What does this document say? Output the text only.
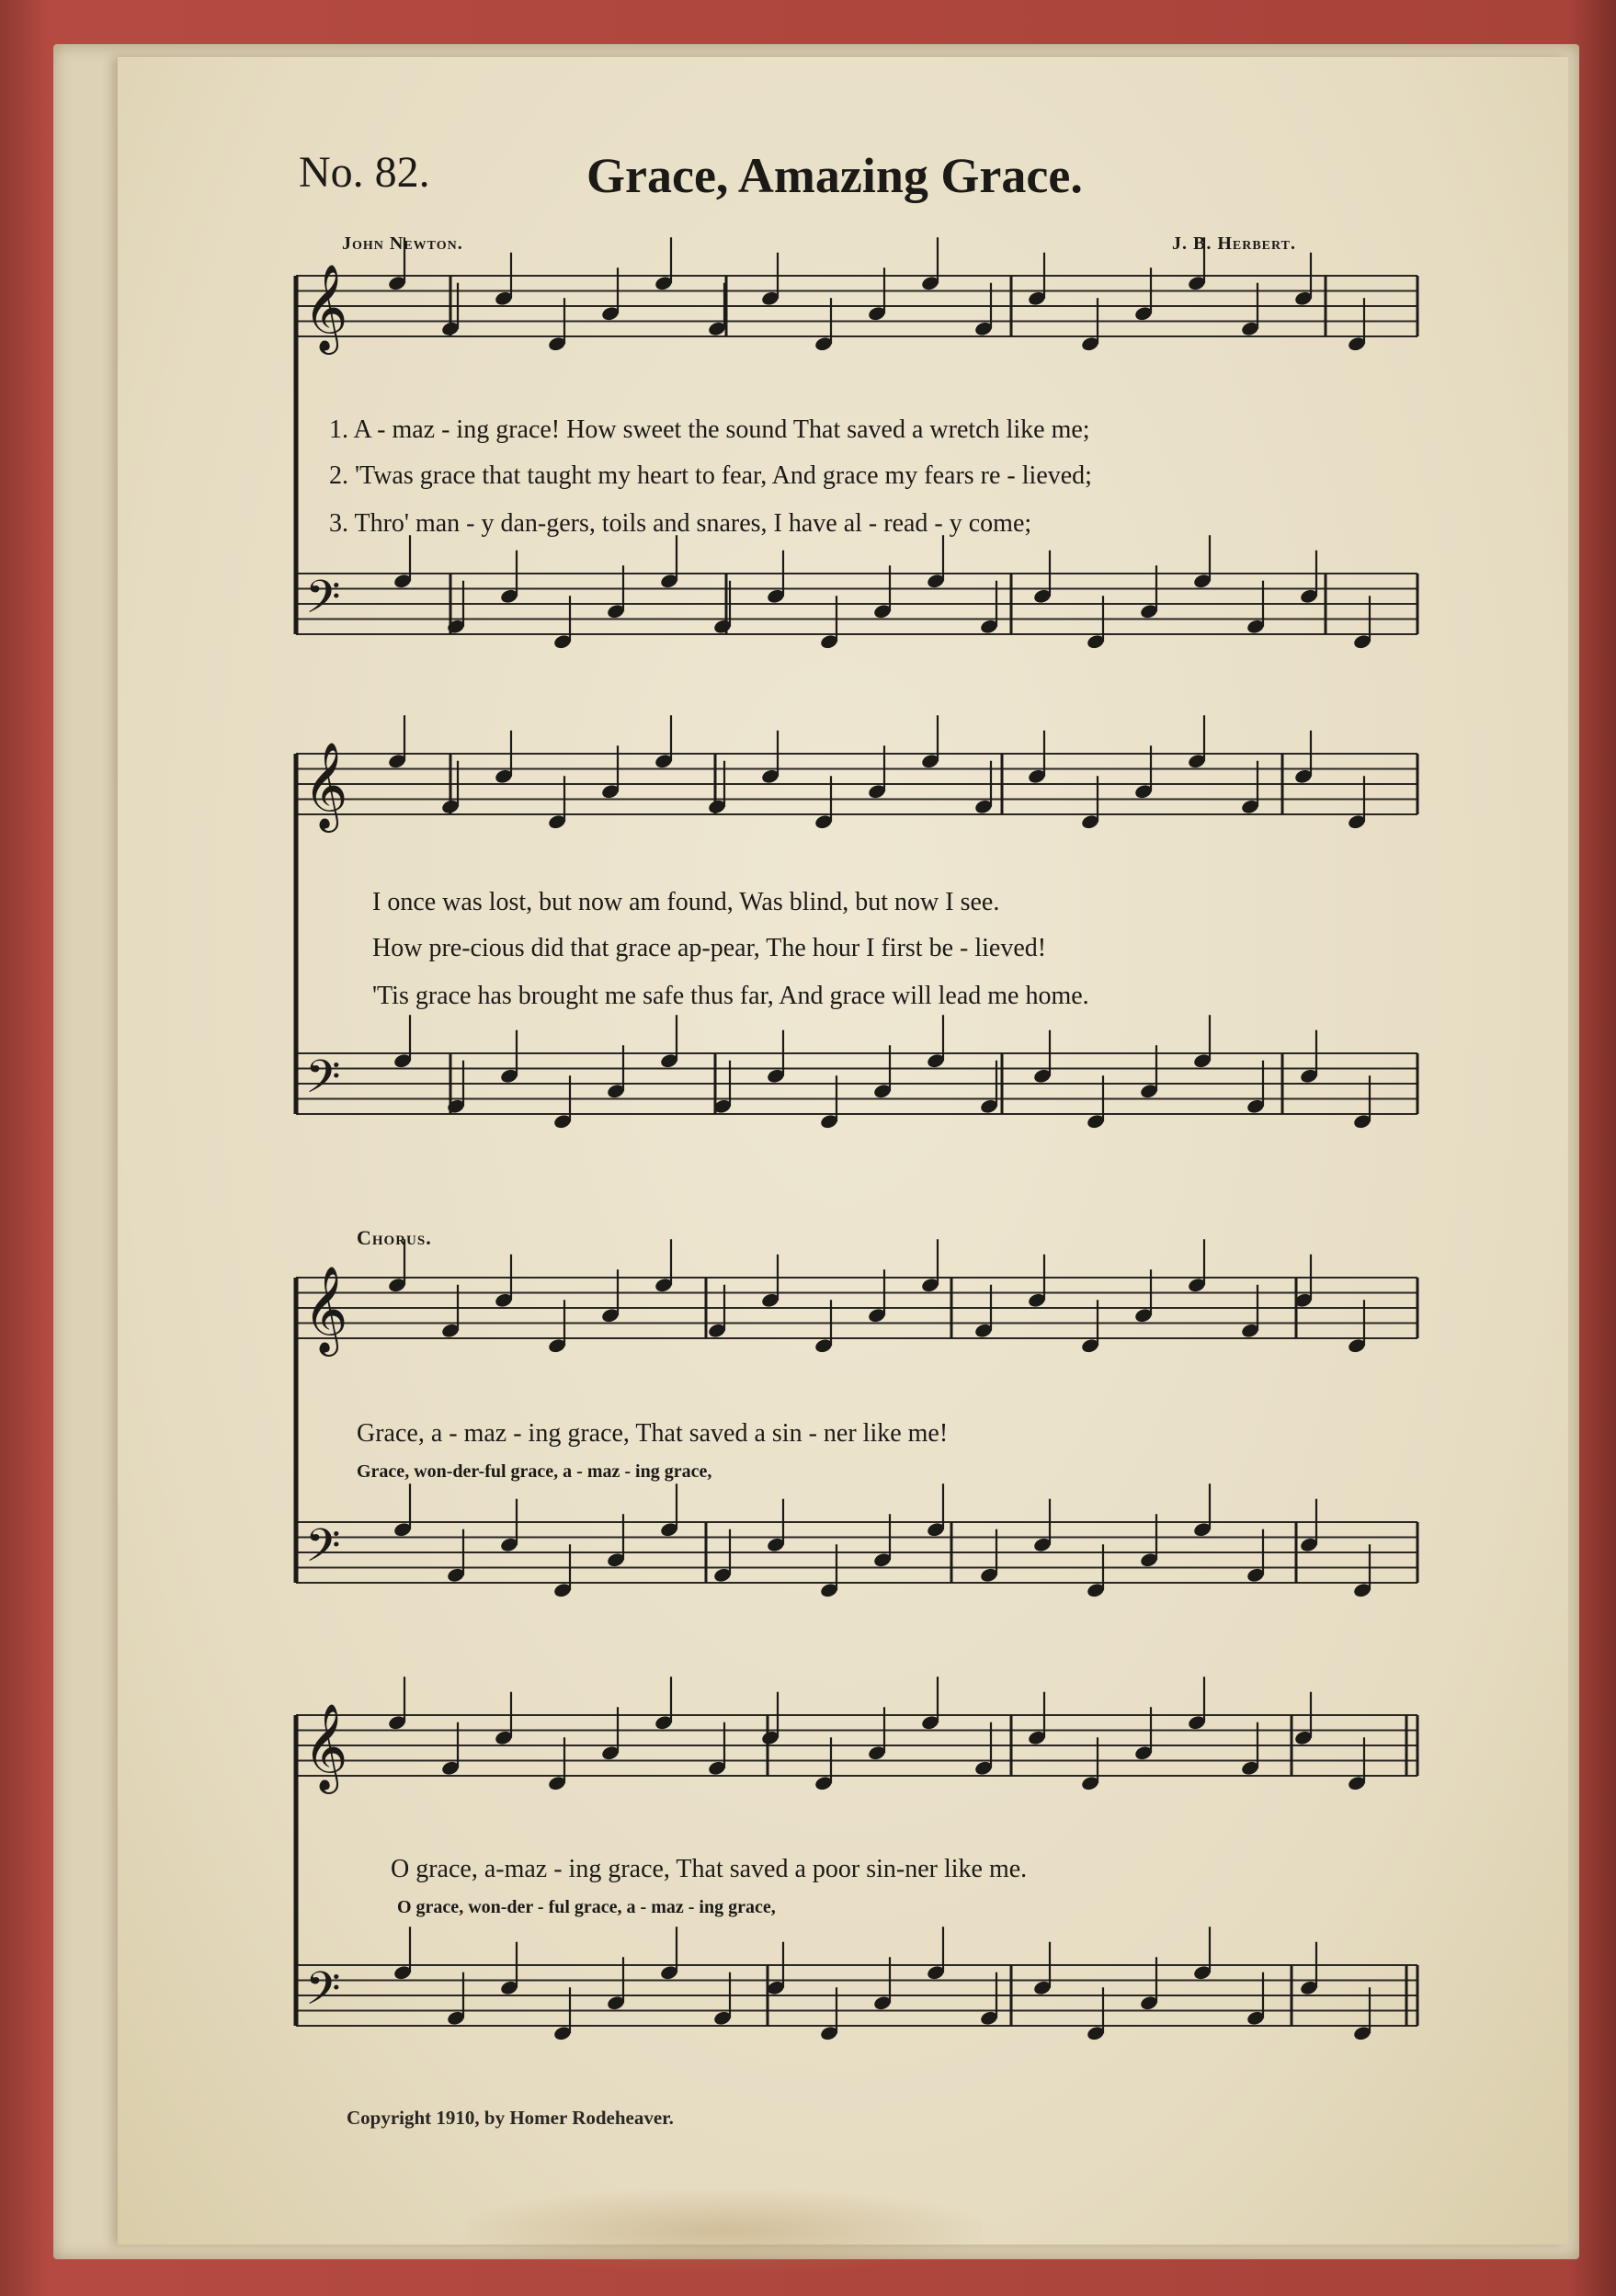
No. 82.	Grace, Amazing Grace.
John Newton.	J. B. Herbert.
𝄞
𝄢
𝄞
𝄢
𝄞
𝄢
𝄞
𝄢
1. A - maz - ing grace! How sweet the sound That saved a wretch like me;
2. 'Twas grace that taught my heart to fear, And grace my fears re - lieved;
3. Thro' man - y dan-gers, toils and snares, I have al - read - y come;
I once was lost, but now am found, Was blind, but now I see.
How pre-cious did that grace ap-pear, The hour I first be - lieved!
'Tis grace has brought me safe thus far, And grace will lead me home.
Chorus.
Grace, a - maz - ing grace, That saved a sin - ner like me!
Grace, won-der-ful grace, a - maz - ing grace,
O grace, a-maz - ing grace, That saved a poor sin-ner like me.
O grace, won-der - ful grace, a - maz - ing grace,
Copyright 1910, by Homer Rodeheaver.
